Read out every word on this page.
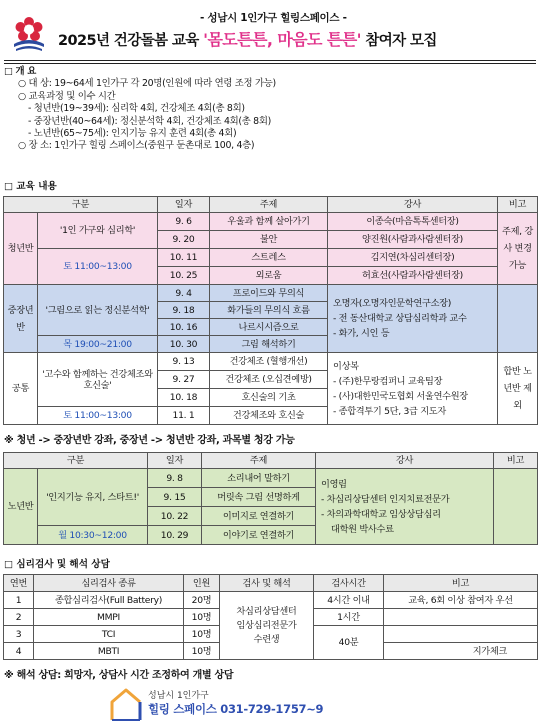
- 성남시 1인가구 힐링스페이스 -
2025년 건강돌봄 교육 '몸도튼튼, 마음도 튼튼' 참여자 모집
□ 개 요
○ 대 상: 19~64세 1인가구 각 20명(인원에 따라 연령 조정 가능)
○ 교육과정 및 이수 시간
- 청년반(19~39세): 심리학 4회, 건강체조 4회(총 8회)
- 중장년반(40~64세): 정신분석학 4회, 건강체조 4회(총 8회)
- 노년반(65~75세): 인지기능 유지 훈련 4회(총 4회)
○ 장 소: 1인가구 힐링 스페이스(중원구 둔촌대로 100, 4층)
□ 교육 내용
구분		일자	주제	강사	비고
청년반	'1인 가구와 심리학'	9. 6	우울과 함께 살아가기	이종숙(마음톡톡센터장)	주제, 강사 변경 가능
		9. 20	불안	양진원(사람과사람센터장)	
	토 11:00~13:00	10. 11	스트레스	김지연(차심리센터장)	
		10. 25	외로움	허효선(사람과사람센터장)	
중장년반	'그림으로 읽는 정신분석학'	9. 4	프로이드와 무의식	오명자(오명자인문학연구소장)
- 전 동산대학교 상담심리학과 교수
- 화가, 시인 등	

		9. 18	화가들의 무의식 흐름		
		10. 16	나르시시즘으로		
	목 19:00~21:00	10. 30	그림 해석하기		
공통	'고수와 함께하는 건강체조와 호신술'	9. 13	건강체조 (혈행개선)	이상복
- (주)한무랑컴퍼니 교육팀장
- (사)대한민국도협회 서울연수원장
- 종합격투기 5단, 3급 지도자	합반 노년반 제외
		9. 27	건강체조 (오십견예방)		
		10. 18	호신술의 기초		
	토 11:00~13:00	11. 1	건강체조와 호신술		
※ 청년 -> 중장년반 강좌, 중장년 -> 청년반 강좌, 과목별 청강 가능
구분		일자	주제	강사	비고
노년반	'인지기능 유지, 스타트!'	9. 8	소리내어 말하기	이영림
- 차심리상담센터 인지치료전문가
- 차의과학대학교 임상상담심리
대학원 박사수료	

		9. 15	머릿속 그림 선명하게		
		10. 22	이미지로 연결하기		
	월 10:30~12:00	10. 29	이야기로 연결하기		
□ 심리검사 및 해석 상담
연번	심리검사 종류	인원	검사 및 해석	검사시간	비고
1	종합심리검사(Full Battery)	20명	차심리상담센터
임상심리전문가
수련생	4시간 이내	교육, 6회 이상 참여자 우선
2	MMPI	10명		1시간	
3	TCI	10명		40분	
4	MBTI	10명			지가체크
※ 해석 상담: 희망자, 상담사 시간 조정하여 개별 상담
성남시 1인가구
힐링 스페이스 031-729-1757~9
